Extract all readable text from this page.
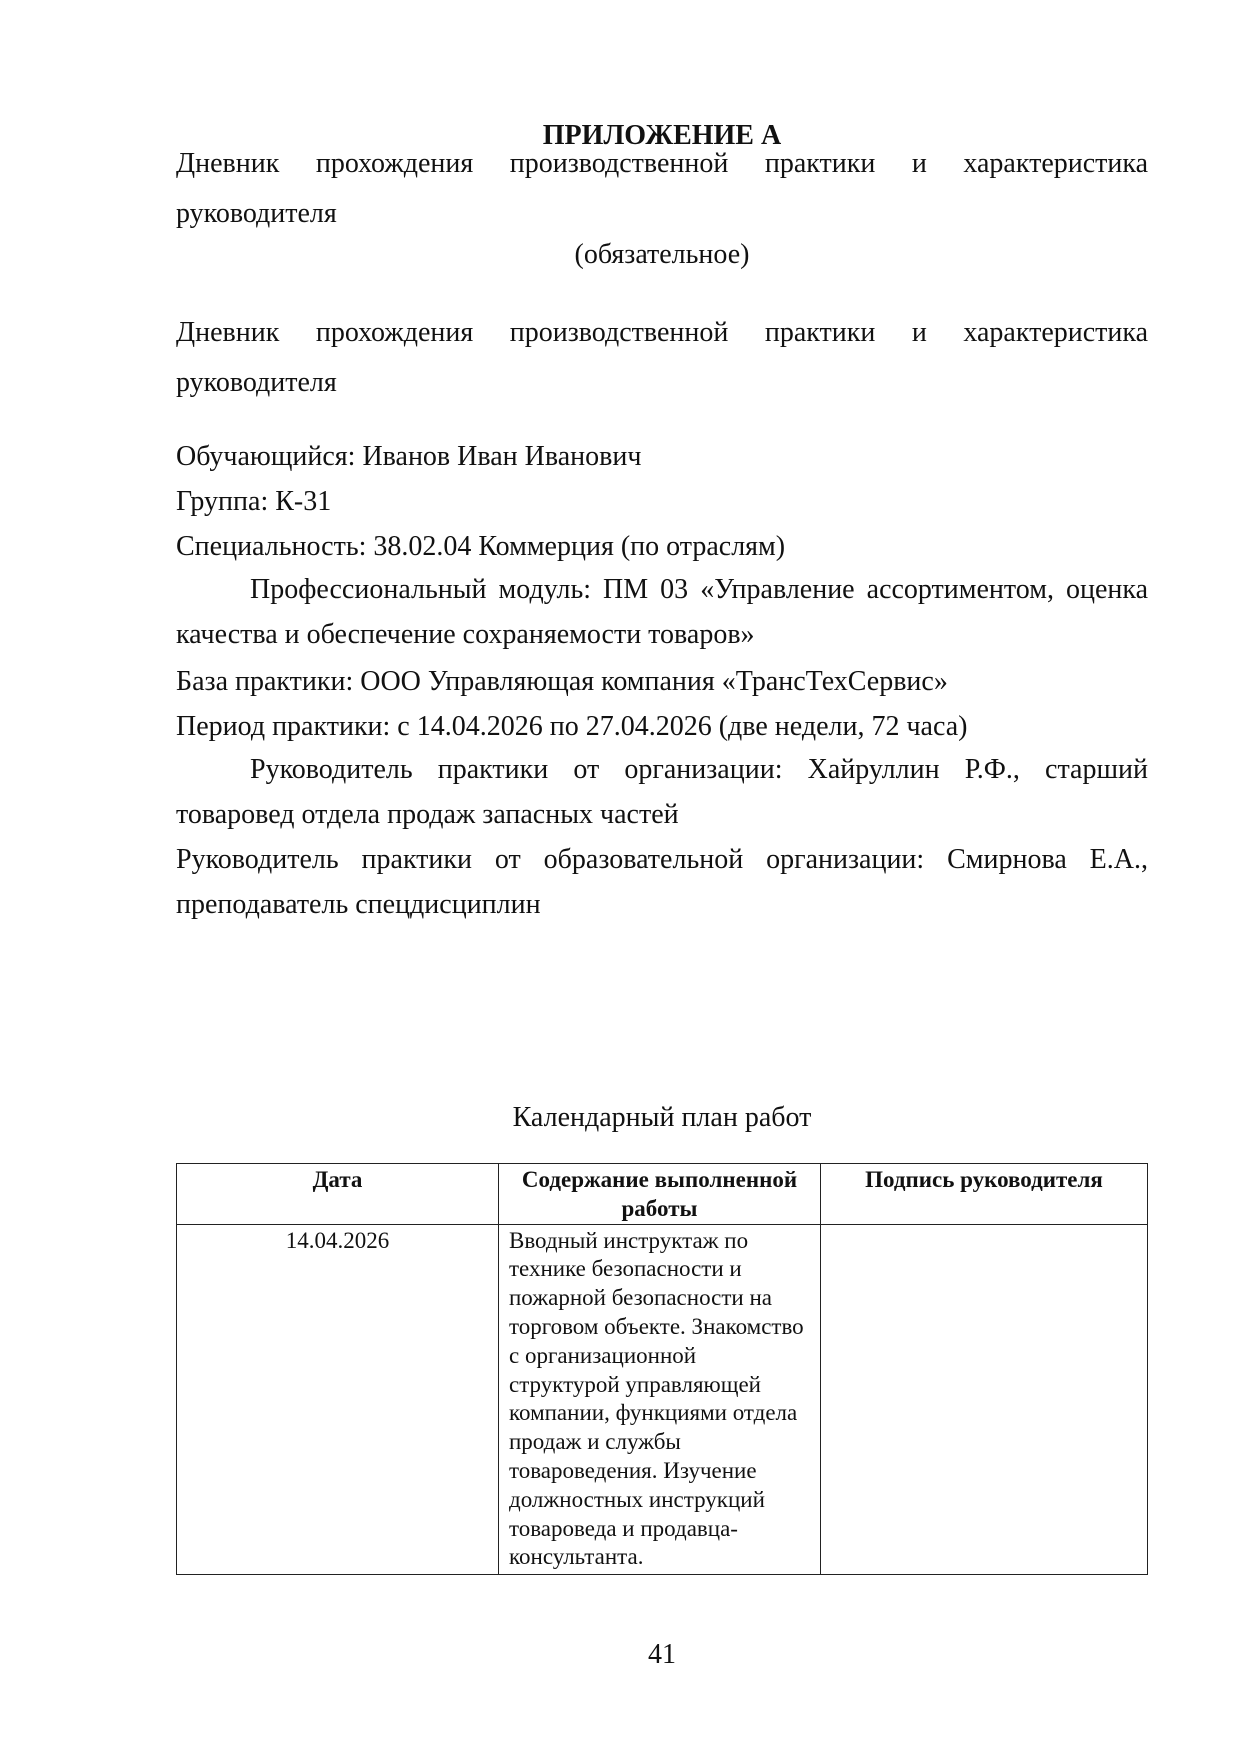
ПРИЛОЖЕНИЕ А
Дневник прохождения производственной практики и характеристика руководителя
(обязательное)
Дневник прохождения производственной практики и характеристика руководителя
Обучающийся: Иванов Иван Иванович
Группа: К-31
Специальность: 38.02.04 Коммерция (по отраслям)
Профессиональный модуль: ПМ 03 «Управление ассортиментом, оценка качества и обеспечение сохраняемости товаров»
База практики: ООО Управляющая компания «ТрансТехСервис»
Период практики: с 14.04.2026 по 27.04.2026 (две недели, 72 часа)
Руководитель практики от организации: Хайруллин Р.Ф., старший товаровед отдела продаж запасных частей
Руководитель практики от образовательной организации: Смирнова Е.А., преподаватель спецдисциплин
Календарный план работ
Дата	Содержание выполненной работы	Подпись руководителя
14.04.2026	Вводный инструктаж по технике безопасности и пожарной безопасности на торговом объекте. Знакомство с организационной структурой управляющей компании, функциями отдела продаж и службы товароведения. Изучение должностных инструкций товароведа и продавца-консультанта.	
41
